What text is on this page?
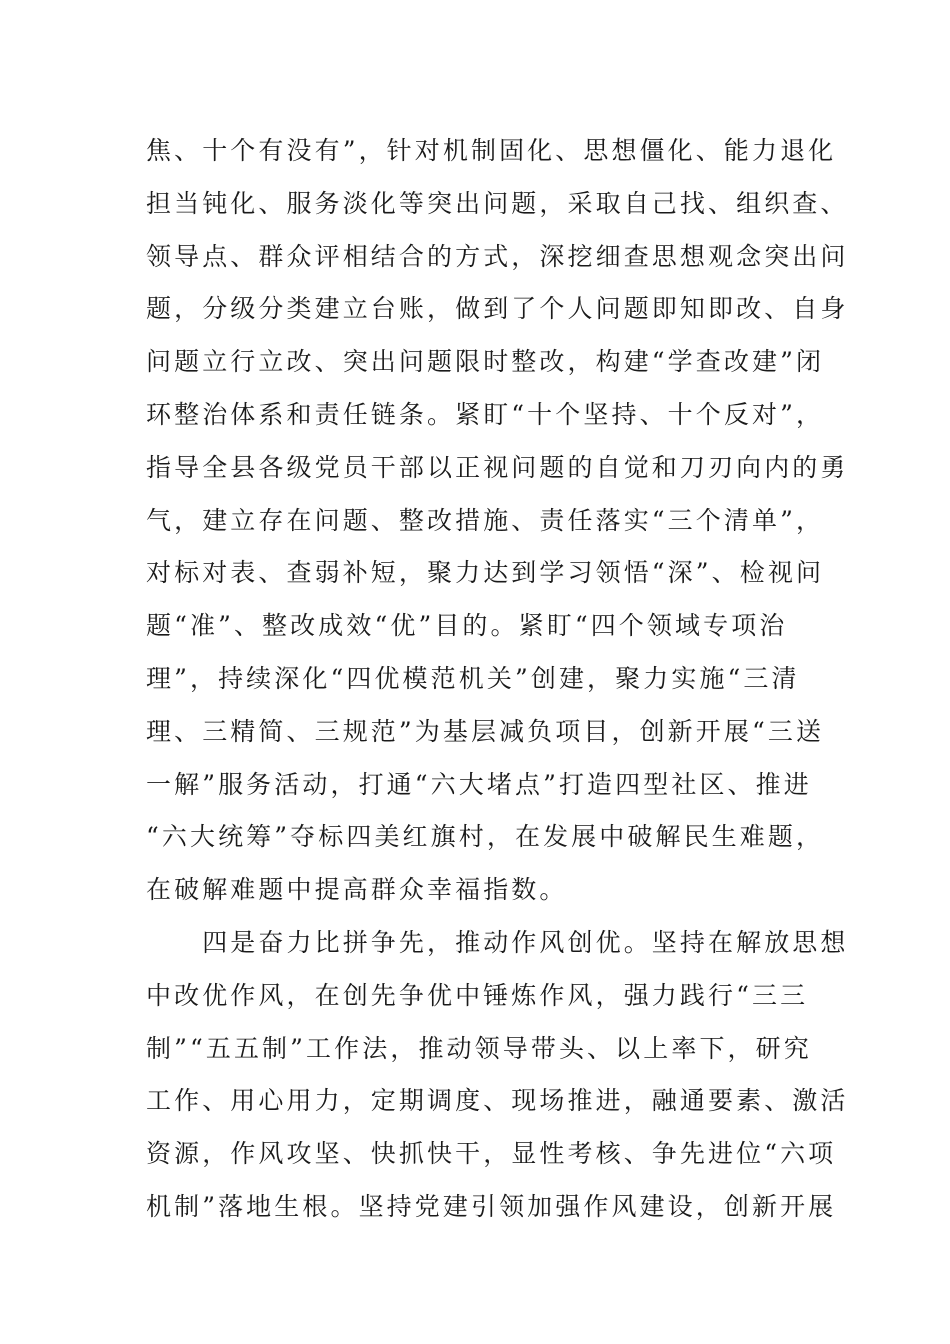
焦、十个有没有”，针对机制固化、思想僵化、能力退化
担当钝化、服务淡化等突出问题，采取自己找、组织查、
领导点、群众评相结合的方式，深挖细查思想观念突出问
题，分级分类建立台账，做到了个人问题即知即改、自身
问题立行立改、突出问题限时整改，构建“学查改建”闭
环整治体系和责任链条。紧盯“十个坚持、十个反对”，
指导全县各级党员干部以正视问题的自觉和刀刃向内的勇
气，建立存在问题、整改措施、责任落实“三个清单”，
对标对表、查弱补短，聚力达到学习领悟“深”、检视问
题“准”、整改成效“优”目的。紧盯“四个领域专项治
理”，持续深化“四优模范机关”创建，聚力实施“三清
理、三精简、三规范”为基层减负项目，创新开展“三送
一解”服务活动，打通“六大堵点”打造四型社区、推进
“六大统筹”夺标四美红旗村，在发展中破解民生难题，
在破解难题中提高群众幸福指数。
　　四是奋力比拼争先，推动作风创优。坚持在解放思想
中改优作风，在创先争优中锤炼作风，强力践行“三三
制”“五五制”工作法，推动领导带头、以上率下，研究
工作、用心用力，定期调度、现场推进，融通要素、激活
资源，作风攻坚、快抓快干，显性考核、争先进位“六项
机制”落地生根。坚持党建引领加强作风建设，创新开展
